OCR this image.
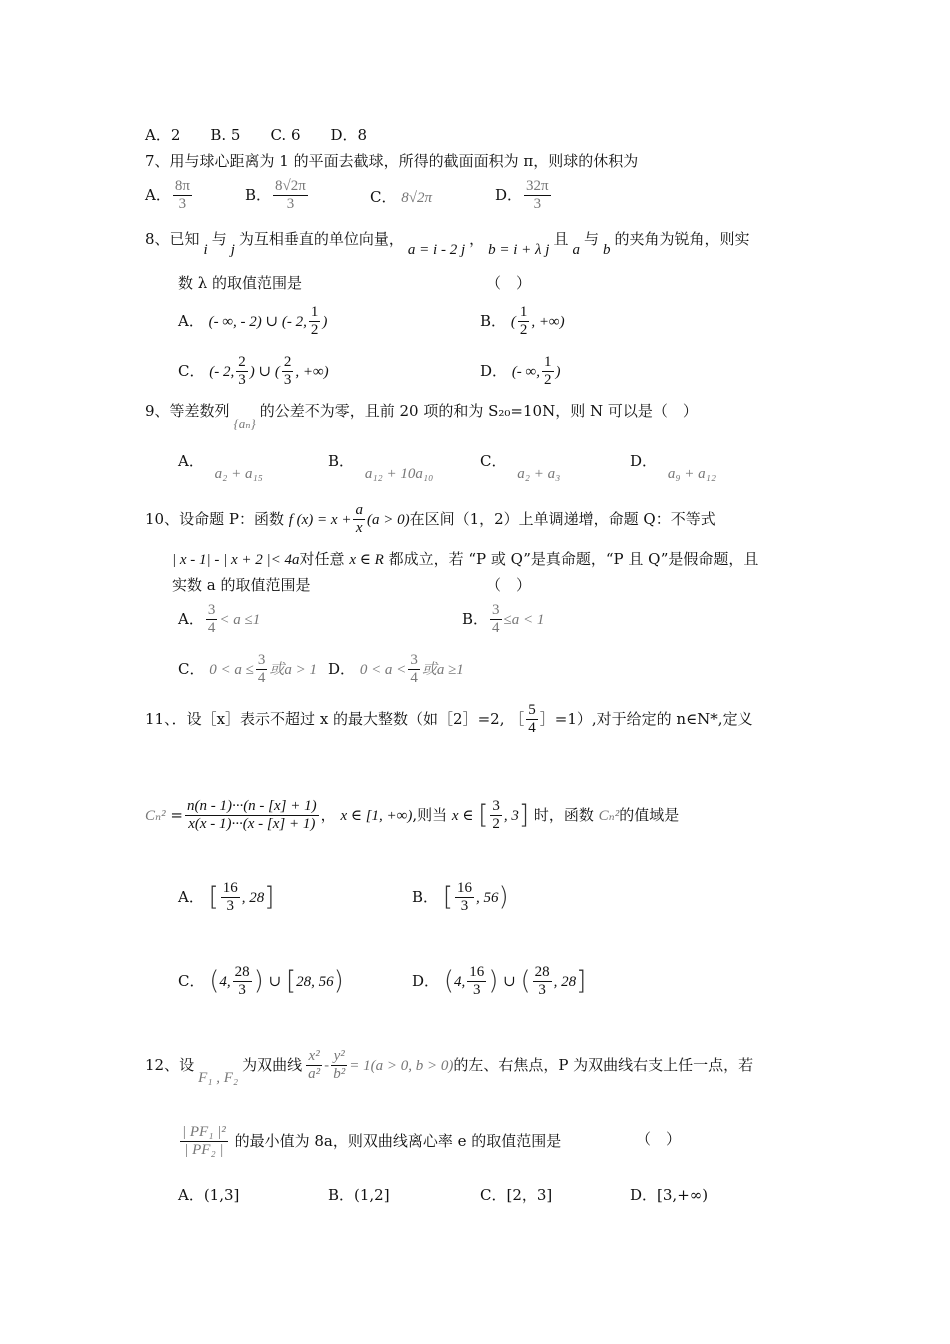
A．2　　B. 5　　C. 6　　D．8
7、用与球心距离为 1 的平面去截球，所得的截面面积为 π，则球的休积为
A． $\frac{8\pi}{3}$	B． $\frac{8√2\pi}{3}$	C． 8√2π	D． $\frac{32\pi}{3}$
8、已知i与j为互相垂直的单位向量，a = i - 2 j，b = i + λ j且a与b的夹角为锐角，则实
数 λ 的取值范围是	（　）
A． (- ∞, - 2) ∪ (- 2, $\frac{1}{2}$ )	B． ( $\frac{1}{2}$ , +∞)
C． (- 2, $\frac{2}{3}$ ) ∪ ( $\frac{2}{3}$ , +∞)	D． (- ∞, $\frac{1}{2}$ )
9、等差数列{aₙ}的公差不为零，且前 20 项的和为 S₂₀=10N，则 N 可以是（　）
A． a₂ + a₁₅
B． a₁₂ + 10a₁₀
C． a₂ + a₃
D． a₉ + a₁₂
10、设命题 P：函数 f $(x) = x + \frac{a}{x} (a > 0)$在区间（1，2）上单调递增，命题 Q：不等式
| x - 1| - | x + 2 |< 4a对任意 x ∈ R 都成立，若 “P 或 Q”是真命题，“P 且 Q”是假命题，且
实数 a 的取值范围是	（　）
A． $\frac{3}{4} < a \le 1$	B． $\frac{3}{4} \le a < 1$
C． $0 < a \le \frac{3}{4}$ 或a > 1 D． $0 < a < \frac{3}{4}$ 或a ≥1
11、．设［x］表示不超过 x 的最大整数（如［2］=2, ［ $\frac{5}{4}$ ］=1）,对于给定的 n∈N*,定义
$C_n^2 = \frac{n(n - 1)\cdot\cdot\cdot(n - [x] + 1)}{x(x - 1)\cdot\cdot\cdot(x - [x] + 1)}$ ， x ∈ [1, +∞),则当 x ∈ [ $\frac{3}{2}$ , 3] 时，函数 Cₙ²的值域是
A． [ $\frac{16}{3}$ , 28]	B． [ $\frac{16}{3}$ , 56)
C． (4, $\frac{28}{3}$ ) ∪ [28, 56)	D． (4, $\frac{16}{3}$ ) ∪ ( $\frac{28}{3}$ , 28]
12、设F₁ , F₂为双曲线 $\frac{\text{x²}}{\text{a²}} - \frac{\text{y²}}{\text{b²}} = 1(a > 0$, b > 0)的左、右焦点，P 为双曲线右支上任一点，若
$\frac{\text{| PF₁ |²}}{\text{| PF₂ |}}$ 的最小值为 8a，则双曲线离心率 e 的取值范围是	（　）
A．(1,3]	B．(1,2]	C．[2，3]	D．[3,+∞)
